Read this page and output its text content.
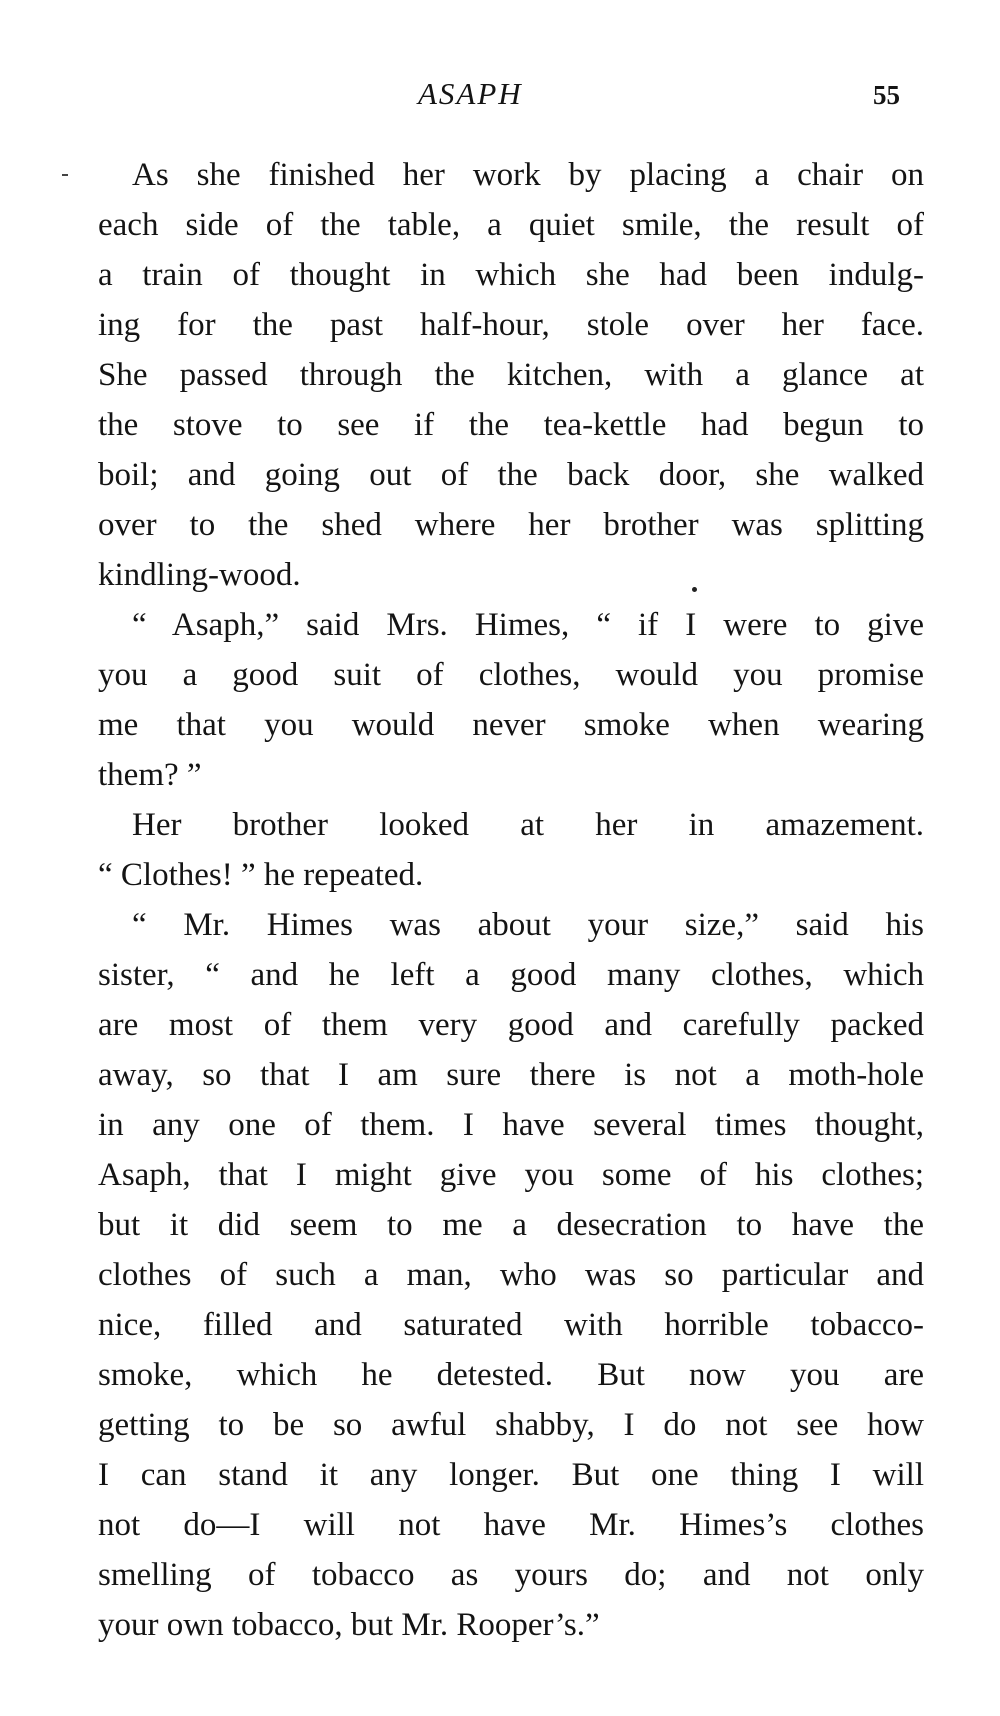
ASAPH	55
As she finished her work by placing a chair on
each side of the table, a quiet smile, the result of
a train of thought in which she had been indulg-
ing for the past half-hour, stole over her face.
She passed through the kitchen, with a glance at
the stove to see if the tea-kettle had begun to
boil; and going out of the back door, she walked
over to the shed where her brother was splitting
kindling-wood.
“ Asaph,” said Mrs. Himes, “ if I were to give
you a good suit of clothes, would you promise
me that you would never smoke when wearing
them? ”
Her brother looked at her in amazement.
“ Clothes! ” he repeated.
“ Mr. Himes was about your size,” said his
sister, “ and he left a good many clothes, which
are most of them very good and carefully packed
away, so that I am sure there is not a moth-hole
in any one of them. I have several times thought,
Asaph, that I might give you some of his clothes;
but it did seem to me a desecration to have the
clothes of such a man, who was so particular and
nice, filled and saturated with horrible tobacco-
smoke, which he detested. But now you are
getting to be so awful shabby, I do not see how
I can stand it any longer. But one thing I will
not do—I will not have Mr. Himes’s clothes
smelling of tobacco as yours do; and not only
your own tobacco, but Mr. Rooper’s.”
